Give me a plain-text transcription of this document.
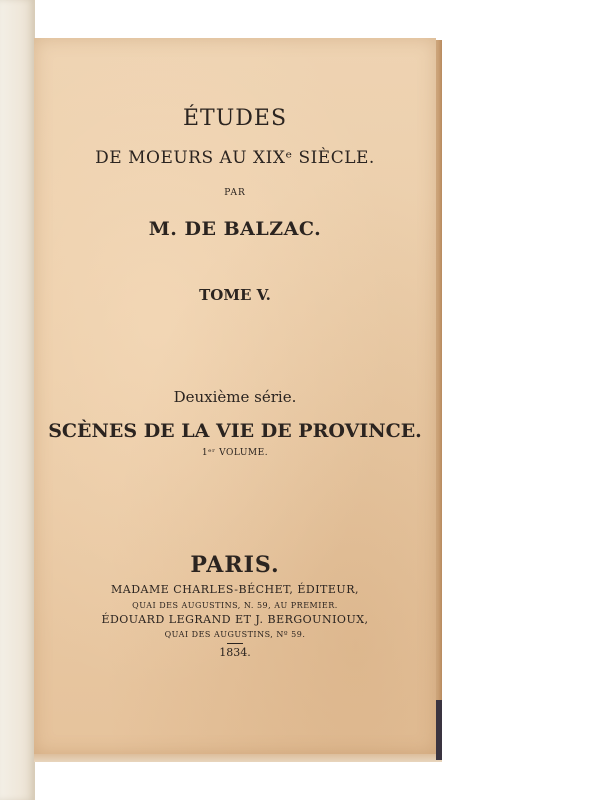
ÉTUDES
DE MOEURS AU XIXᵉ SIÈCLE.
PAR
M. DE BALZAC.
TOME V.
Deuxième série.
SCÈNES DE LA VIE DE PROVINCE.
1ᵉʳ VOLUME.
PARIS.
MADAME CHARLES-BÉCHET, ÉDITEUR,
QUAI DES AUGUSTINS, N. 59, AU PREMIER.
ÉDOUARD LEGRAND ET J. BERGOUNIOUX,
QUAI DES AUGUSTINS, Nº 59.
1834.
